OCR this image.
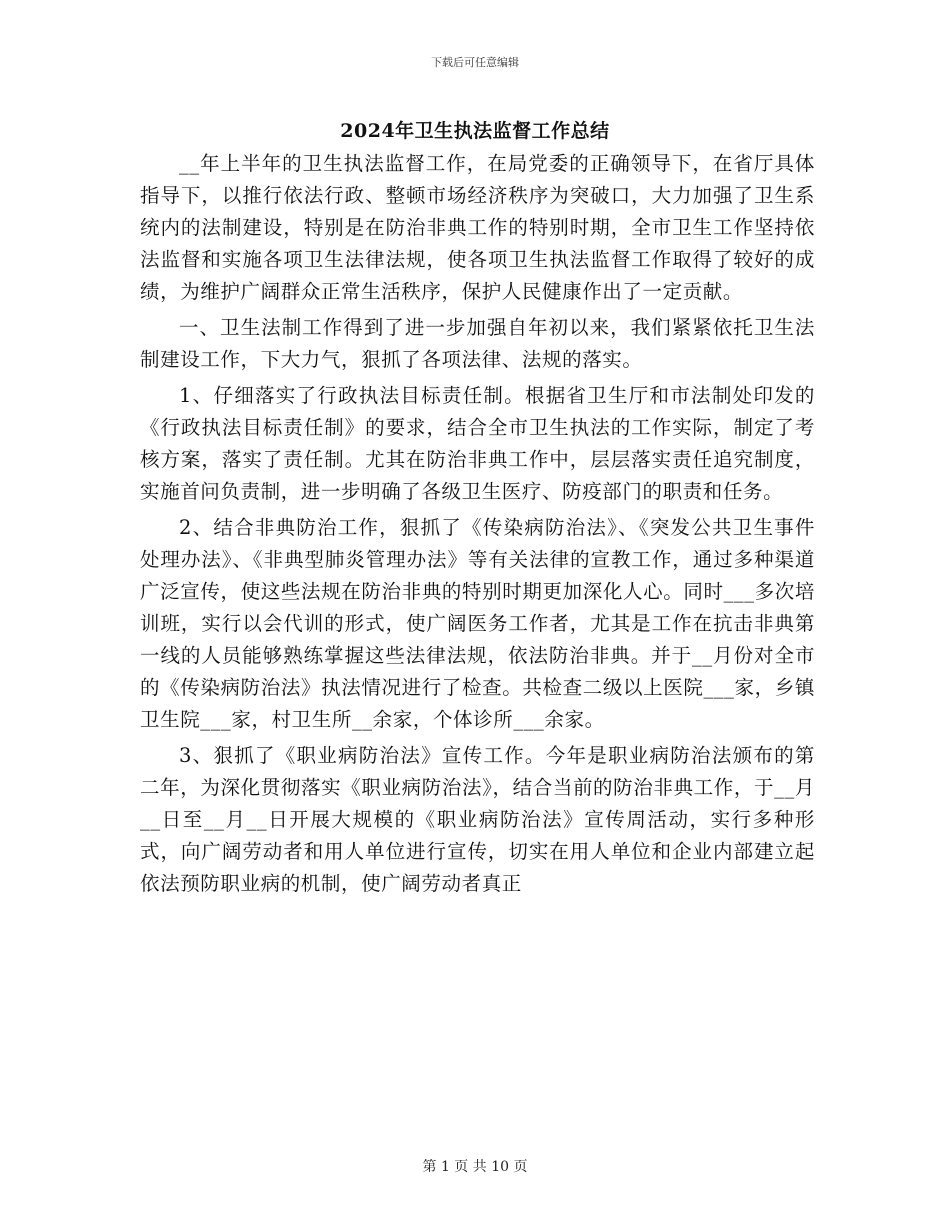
下载后可任意编辑
2024年卫生执法监督工作总结

__年上半年的卫生执法监督工作，在局党委的正确领导下，在省厅具体指导下，以推行依法行政、整顿市场经济秩序为突破口，大力加强了卫生系统内的法制建设，特别是在防治非典工作的特别时期，全市卫生工作坚持依法监督和实施各项卫生法律法规，使各项卫生执法监督工作取得了较好的成绩，为维护广阔群众正常生活秩序，保护人民健康作出了一定贡献。

一、卫生法制工作得到了进一步加强自年初以来，我们紧紧依托卫生法制建设工作，下大力气，狠抓了各项法律、法规的落实。

1、仔细落实了行政执法目标责任制。根据省卫生厅和市法制处印发的《行政执法目标责任制》的要求，结合全市卫生执法的工作实际，制定了考核方案，落实了责任制。尤其在防治非典工作中，层层落实责任追究制度，实施首问负责制，进一步明确了各级卫生医疗、防疫部门的职责和任务。

2、结合非典防治工作，狠抓了《传染病防治法》、《突发公共卫生事件处理办法》、《非典型肺炎管理办法》等有关法律的宣教工作，通过多种渠道广泛宣传，使这些法规在防治非典的特别时期更加深化人心。同时___多次培训班，实行以会代训的形式，使广阔医务工作者，尤其是工作在抗击非典第一线的人员能够熟练掌握这些法律法规，依法防治非典。并于__月份对全市的《传染病防治法》执法情况进行了检查。共检查二级以上医院___家，乡镇卫生院___家，村卫生所__余家，个体诊所___余家。

3、狠抓了《职业病防治法》宣传工作。今年是职业病防治法颁布的第二年，为深化贯彻落实《职业病防治法》，结合当前的防治非典工作，于__月__日至__月__日开展大规模的《职业病防治法》宣传周活动，实行多种形式，向广阔劳动者和用人单位进行宣传，切实在用人单位和企业内部建立起依法预防职业病的机制，使广阔劳动者真正

第 1 页 共 10 页
